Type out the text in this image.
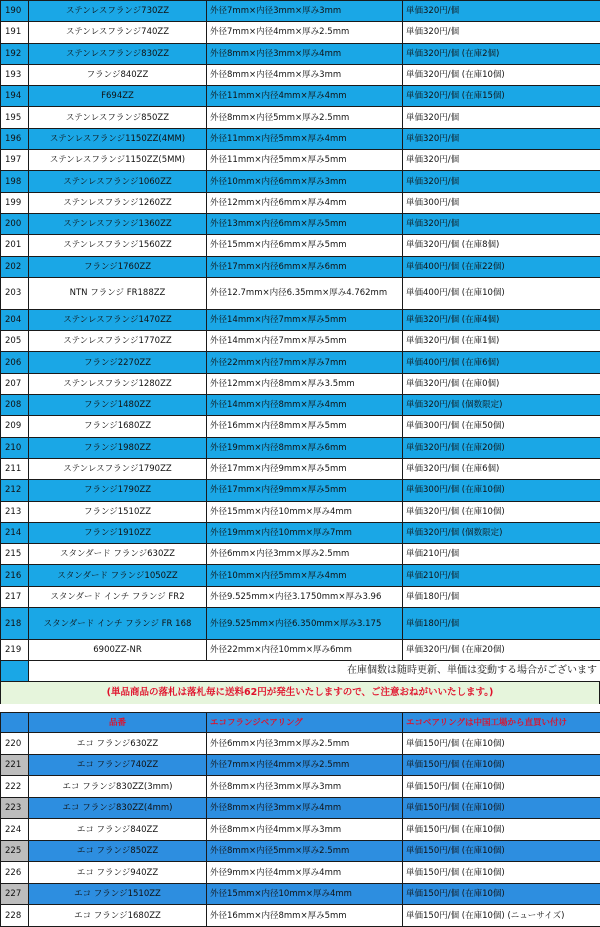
190	ステンレスフランジ730ZZ	外径7mm×内径3mm×厚み3mm	単価320円/個
191	ステンレスフランジ740ZZ	外径7mm×内径4mm×厚み2.5mm	単価320円/個
192	ステンレスフランジ830ZZ	外径8mm×内径3mm×厚み4mm	単価320円/個 (在庫2個)
193	フランジ840ZZ	外径8mm×内径4mm×厚み3mm	単価320円/個 (在庫10個)
194	F694ZZ	外径11mm×内径4mm×厚み4mm	単価320円/個 (在庫15個)
195	ステンレスフランジ850ZZ	外径8mm×内径5mm×厚み2.5mm	単価320円/個
196	ステンレスフランジ1150ZZ(4MM)	外径11mm×内径5mm×厚み4mm	単価320円/個
197	ステンレスフランジ1150ZZ(5MM)	外径11mm×内径5mm×厚み5mm	単価320円/個
198	ステンレスフランジ1060ZZ	外径10mm×内径6mm×厚み3mm	単価320円/個
199	ステンレスフランジ1260ZZ	外径12mm×内径6mm×厚み4mm	単価300円/個
200	ステンレスフランジ1360ZZ	外径13mm×内径6mm×厚み5mm	単価320円/個
201	ステンレスフランジ1560ZZ	外径15mm×内径6mm×厚み5mm	単価320円/個 (在庫8個)
202	フランジ1760ZZ	外径17mm×内径6mm×厚み6mm	単価400円/個 (在庫22個)
203	NTN フランジ FR188ZZ	外径12.7mm×内径6.35mm×厚み4.762mm	単価400円/個 (在庫10個)
204	ステンレスフランジ1470ZZ	外径14mm×内径7mm×厚み5mm	単価320円/個 (在庫4個)
205	ステンレスフランジ1770ZZ	外径14mm×内径7mm×厚み5mm	単価320円/個 (在庫1個)
206	フランジ2270ZZ	外径22mm×内径7mm×厚み7mm	単価400円/個 (在庫6個)
207	ステンレスフランジ1280ZZ	外径12mm×内径8mm×厚み3.5mm	単価320円/個 (在庫0個)
208	フランジ1480ZZ	外径14mm×内径8mm×厚み4mm	単価320円/個 (個数限定)
209	フランジ1680ZZ	外径16mm×内径8mm×厚み5mm	単価300円/個 (在庫50個)
210	フランジ1980ZZ	外径19mm×内径8mm×厚み6mm	単価320円/個 (在庫20個)
211	ステンレスフランジ1790ZZ	外径17mm×内径9mm×厚み5mm	単価320円/個 (在庫6個)
212	フランジ1790ZZ	外径17mm×内径9mm×厚み5mm	単価300円/個 (在庫10個)
213	フランジ1510ZZ	外径15mm×内径10mm×厚み4mm	単価320円/個 (在庫10個)
214	フランジ1910ZZ	外径19mm×内径10mm×厚み7mm	単価320円/個 (個数限定)
215	スタンダード フランジ630ZZ	外径6mm×内径3mm×厚み2.5mm	単価210円/個
216	スタンダード フランジ1050ZZ	外径10mm×内径5mm×厚み4mm	単価210円/個
217	スタンダード インチ フランジ FR2	外径9.525mm×内径3.1750mm×厚み3.96	単価180円/個
218	スタンダード インチ フランジ FR 168	外径9.525mm×内径6.350mm×厚み3.175	単価180円/個
219	6900ZZ-NR	外径22mm×内径10mm×厚み6mm	単価320円/個 (在庫20個)
	在庫個数は随時更新、単価は変動する場合がございます		
(単品商品の落札は落札毎に送料62円が発生いたしますので、ご注意おねがいいたします。)
	品番	エコフランジベアリング	エコベアリングは中国工場から直買い付け
220	エコ フランジ630ZZ	外径6mm×内径3mm×厚み2.5mm	単価150円/個 (在庫10個)
221	エコ フランジ740ZZ	外径7mm×内径4mm×厚み2.5mm	単価150円/個 (在庫10個)
222	エコ フランジ830ZZ(3mm)	外径8mm×内径3mm×厚み3mm	単価150円/個 (在庫10個)
223	エコ フランジ830ZZ(4mm)	外径8mm×内径3mm×厚み4mm	単価150円/個 (在庫10個)
224	エコ フランジ840ZZ	外径8mm×内径4mm×厚み3mm	単価150円/個 (在庫10個)
225	エコ フランジ850ZZ	外径8mm×内径5mm×厚み2.5mm	単価150円/個 (在庫10個)
226	エコ フランジ940ZZ	外径9mm×内径4mm×厚み4mm	単価150円/個 (在庫10個)
227	エコ フランジ1510ZZ	外径15mm×内径10mm×厚み4mm	単価150円/個 (在庫10個)
228	エコ フランジ1680ZZ	外径16mm×内径8mm×厚み5mm	単価150円/個 (在庫10個) (ニューサイズ)
